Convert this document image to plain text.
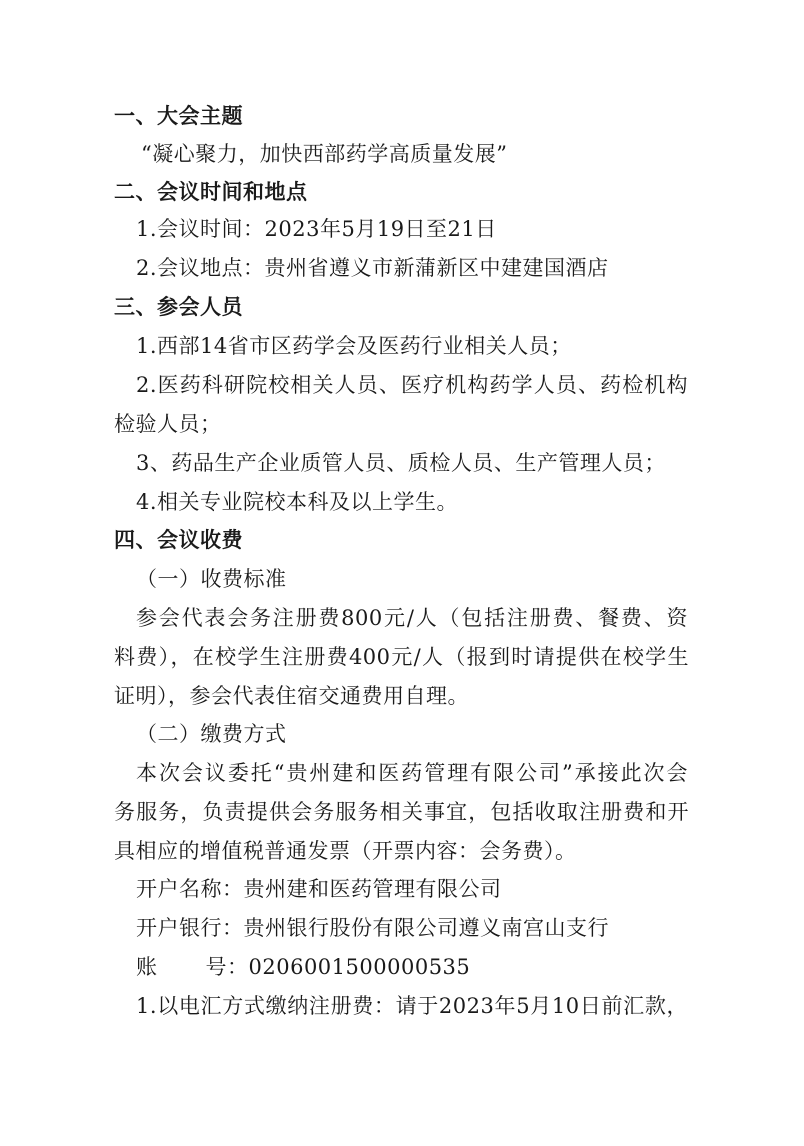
一、大会主题
“凝心聚力，加快西部药学高质量发展”
二、会议时间和地点
1.会议时间：2023年5月19日至21日
2.会议地点：贵州省遵义市新蒲新区中建建国酒店
三、参会人员
1.西部14省市区药学会及医药行业相关人员；
2.医药科研院校相关人员、医疗机构药学人员、药检机构
检验人员；
3、药品生产企业质管人员、质检人员、生产管理人员；
4.相关专业院校本科及以上学生。
四、会议收费
（一）收费标准
参会代表会务注册费800元/人（包括注册费、餐费、资
料费），在校学生注册费400元/人（报到时请提供在校学生
证明），参会代表住宿交通费用自理。
（二）缴费方式
本次会议委托“贵州建和医药管理有限公司”承接此次会
务服务，负责提供会务服务相关事宜，包括收取注册费和开
具相应的增值税普通发票（开票内容：会务费）。
开户名称：贵州建和医药管理有限公司
开户银行：贵州银行股份有限公司遵义南宫山支行
账 号：0206001500000535
1.以电汇方式缴纳注册费：请于2023年5月10日前汇款，
